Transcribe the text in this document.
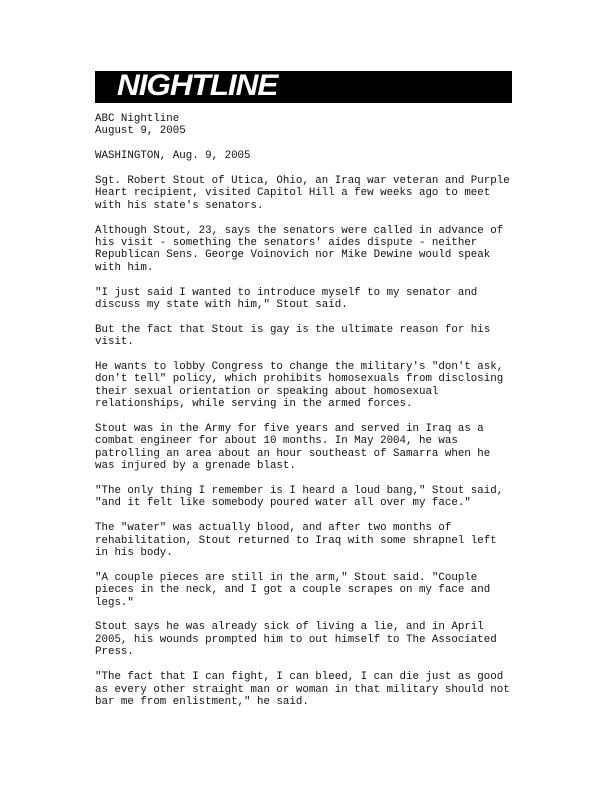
NIGHTLINE
ABC Nightline
August 9, 2005
WASHINGTON, Aug. 9, 2005

Sgt. Robert Stout of Utica, Ohio, an Iraq war veteran and Purple
Heart recipient, visited Capitol Hill a few weeks ago to meet
with his state's senators.

Although Stout, 23, says the senators were called in advance of
his visit - something the senators' aides dispute - neither
Republican Sens. George Voinovich nor Mike Dewine would speak
with him.

"I just said I wanted to introduce myself to my senator and
discuss my state with him," Stout said.

But the fact that Stout is gay is the ultimate reason for his
visit.

He wants to lobby Congress to change the military's "don't ask,
don't tell" policy, which prohibits homosexuals from disclosing
their sexual orientation or speaking about homosexual
relationships, while serving in the armed forces.

Stout was in the Army for five years and served in Iraq as a
combat engineer for about 10 months. In May 2004, he was
patrolling an area about an hour southeast of Samarra when he
was injured by a grenade blast.

"The only thing I remember is I heard a loud bang," Stout said,
"and it felt like somebody poured water all over my face."

The "water" was actually blood, and after two months of
rehabilitation, Stout returned to Iraq with some shrapnel left
in his body.

"A couple pieces are still in the arm," Stout said. "Couple
pieces in the neck, and I got a couple scrapes on my face and
legs."

Stout says he was already sick of living a lie, and in April
2005, his wounds prompted him to out himself to The Associated
Press.

"The fact that I can fight, I can bleed, I can die just as good
as every other straight man or woman in that military should not
bar me from enlistment," he said.
